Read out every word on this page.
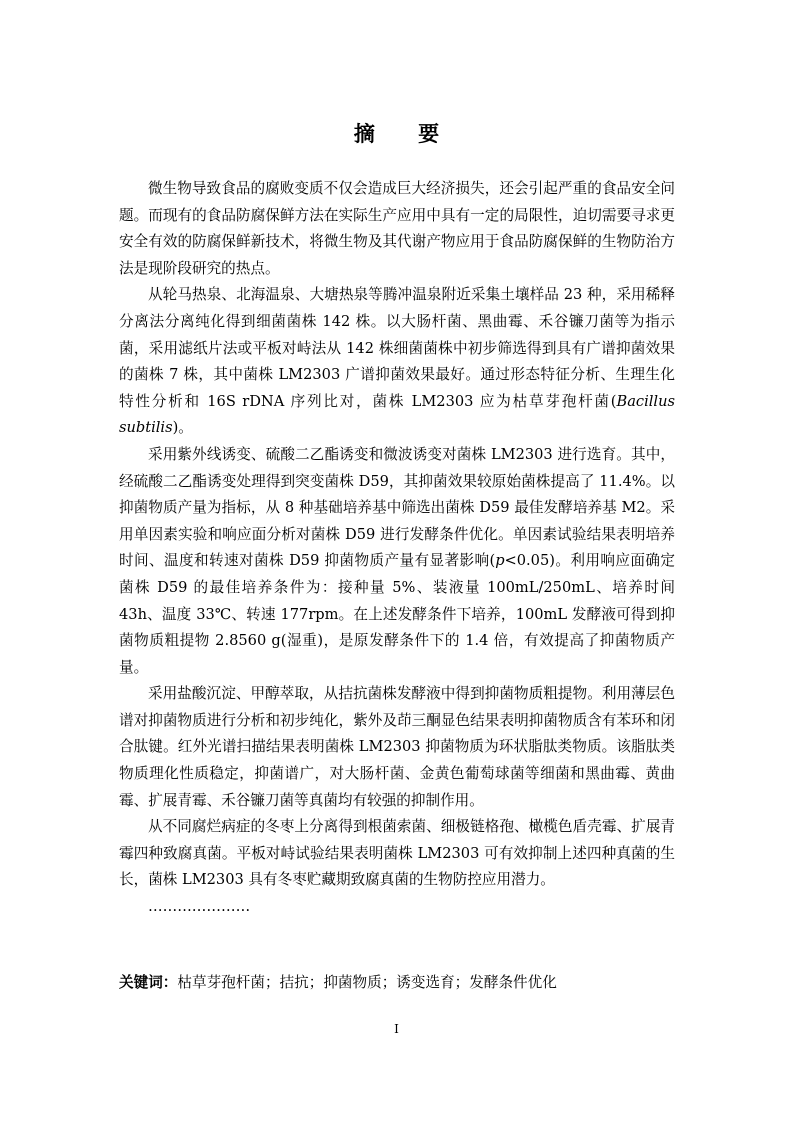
摘 要

微生物导致食品的腐败变质不仅会造成巨大经济损失，还会引起严重的食品安全问题。而现有的食品防腐保鲜方法在实际生产应用中具有一定的局限性，迫切需要寻求更安全有效的防腐保鲜新技术，将微生物及其代谢产物应用于食品防腐保鲜的生物防治方法是现阶段研究的热点。

从轮马热泉、北海温泉、大塘热泉等腾冲温泉附近采集土壤样品 23 种，采用稀释分离法分离纯化得到细菌菌株 142 株。以大肠杆菌、黑曲霉、禾谷镰刀菌等为指示菌，采用滤纸片法或平板对峙法从 142 株细菌菌株中初步筛选得到具有广谱抑菌效果的菌株 7 株，其中菌株 LM2303 广谱抑菌效果最好。通过形态特征分析、生理生化特性分析和 16S rDNA 序列比对，菌株 LM2303 应为枯草芽孢杆菌(Bacillus subtilis)。

采用紫外线诱变、硫酸二乙酯诱变和微波诱变对菌株 LM2303 进行选育。其中，经硫酸二乙酯诱变处理得到突变菌株 D59，其抑菌效果较原始菌株提高了 11.4%。以抑菌物质产量为指标，从 8 种基础培养基中筛选出菌株 D59 最佳发酵培养基 M2。采用单因素实验和响应面分析对菌株 D59 进行发酵条件优化。单因素试验结果表明培养时间、温度和转速对菌株 D59 抑菌物质产量有显著影响(p<0.05)。利用响应面确定菌株 D59 的最佳培养条件为：接种量 5%、装液量 100mL/250mL、培养时间 43h、温度 33℃、转速 177rpm。在上述发酵条件下培养，100mL 发酵液可得到抑菌物质粗提物 2.8560 g(湿重)，是原发酵条件下的 1.4 倍，有效提高了抑菌物质产量。

采用盐酸沉淀、甲醇萃取，从拮抗菌株发酵液中得到抑菌物质粗提物。利用薄层色谱对抑菌物质进行分析和初步纯化，紫外及茚三酮显色结果表明抑菌物质含有苯环和闭合肽键。红外光谱扫描结果表明菌株 LM2303 抑菌物质为环状脂肽类物质。该脂肽类物质理化性质稳定，抑菌谱广，对大肠杆菌、金黄色葡萄球菌等细菌和黑曲霉、黄曲霉、扩展青霉、禾谷镰刀菌等真菌均有较强的抑制作用。

从不同腐烂病症的冬枣上分离得到根菌索菌、细极链格孢、橄榄色盾壳霉、扩展青霉四种致腐真菌。平板对峙试验结果表明菌株 LM2303 可有效抑制上述四种真菌的生长，菌株 LM2303 具有冬枣贮藏期致腐真菌的生物防控应用潜力。

…………………

关键词：枯草芽孢杆菌；拮抗；抑菌物质；诱变选育；发酵条件优化
I
